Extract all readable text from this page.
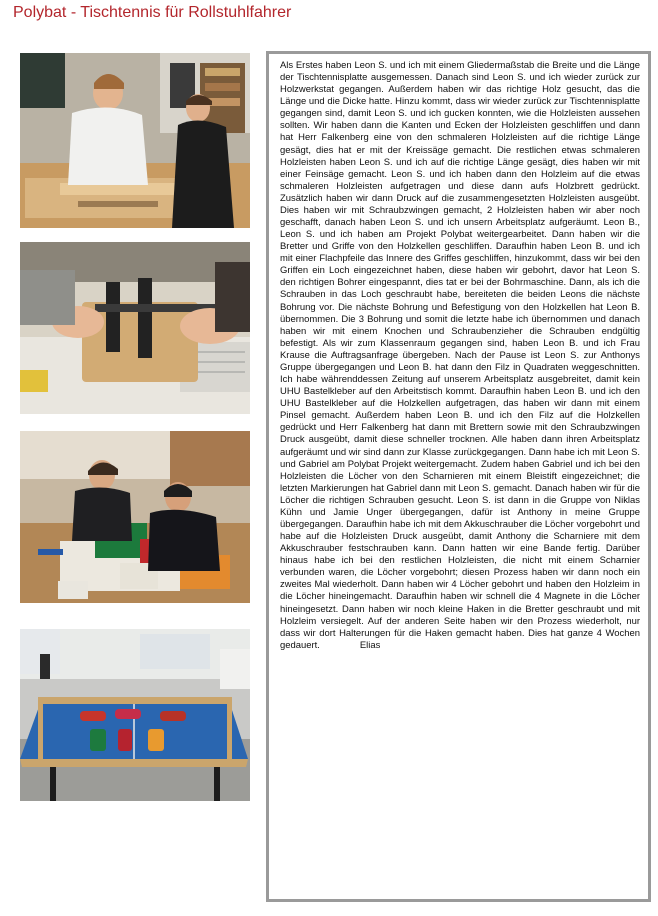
Polybat - Tischtennis für Rollstuhlfahrer
Als Erstes haben Leon S. und ich mit einem Gliedermaßstab die Breite und die Länge der Tischtennisplatte ausgemessen. Danach sind Leon S. und ich wieder zurück zur Holzwerkstat gegangen. Außerdem haben wir das richtige Holz gesucht, das die Länge und die Dicke hatte. Hinzu kommt, dass wir wieder zurück zur Tischtennisplatte gegangen sind, damit Leon S. und ich gucken konnten, wie die Holzleisten aussehen sollten. Wir haben dann die Kanten und Ecken der Holzleisten geschliffen und dann hat Herr Falkenberg eine von den schmaleren Holzleisten auf die richtige Länge gesägt, dies hat er mit der Kreissäge gemacht. Die restlichen etwas schmaleren Holzleisten haben Leon S. und ich auf die richtige Länge gesägt, dies haben wir mit einer Feinsäge gemacht. Leon S. und ich haben dann den Holzleim auf die etwas schmaleren Holzleisten aufgetragen und diese dann aufs Holzbrett gedrückt. Zusätzlich haben wir dann Druck auf die zusammengesetzten Holzleisten ausgeübt. Dies haben wir mit Schraubzwingen gemacht, 2 Holzleisten haben wir aber noch geschafft, danach haben Leon S. und ich unsern Arbeitsplatz aufgeräumt. Leon B., Leon S. und ich haben am Projekt Polybat weitergearbeitet. Dann haben wir die Bretter und Griffe von den Holzkellen geschliffen. Daraufhin haben Leon B. und ich mit einer Flachpfeile das Innere des Griffes geschliffen, hinzukommt, dass wir bei den Griffen ein Loch eingezeichnet haben, diese haben wir gebohrt, davor hat Leon S. den richtigen Bohrer eingespannt, dies tat er bei der Bohrmaschine. Dann, als ich die Schrauben in das Loch geschraubt habe, bereiteten die beiden Leons die nächste Bohrung vor. Die nächste Bohrung und Befestigung von den Holzkellen hat Leon B. übernommen. Die 3 Bohrung und somit die letzte habe ich übernommen und danach haben wir mit einem Knochen und Schraubenzieher die Schrauben endgültig befestigt. Als wir zum Klassenraum gegangen sind, haben Leon B. und ich Frau Krause die Auftragsanfrage übergeben. Nach der Pause ist Leon S. zur Anthonys Gruppe übergegangen und Leon B. hat dann den Filz in Quadraten weggeschnitten. Ich habe währenddessen Zeitung auf unserem Arbeitsplatz ausgebreitet, damit kein UHU Bastelkleber auf den Arbeitstisch kommt. Daraufhin haben Leon B. und ich den UHU Bastelkleber auf die Holzkellen aufgetragen, das haben wir dann mit einem Pinsel gemacht. Außerdem haben Leon B. und ich den Filz auf die Holzkellen gedrückt und Herr Falkenberg hat dann mit Brettern sowie mit den Schraubzwingen Druck ausgeübt, damit diese schneller trocknen. Alle haben dann ihren Arbeitsplatz aufgeräumt und wir sind dann zur Klasse zurückgegangen. Dann habe ich mit Leon S. und Gabriel am Polybat Projekt weitergemacht. Zudem haben Gabriel und ich bei den Holzleisten die Löcher von den Scharnieren mit einem Bleistift eingezeichnet; die letzten Markierungen hat Gabriel dann mit Leon S. gemacht. Danach haben wir für die Löcher die richtigen Schrauben gesucht. Leon S. ist dann in die Gruppe von Niklas Kühn und Jamie Unger übergegangen, dafür ist Anthony in meine Gruppe übergegangen. Daraufhin habe ich mit dem Akkuschrauber die Löcher vorgebohrt und habe auf die Holzleisten Druck ausgeübt, damit Anthony die Scharniere mit dem Akkuschrauber festschrauben kann. Dann hatten wir eine Bande fertig. Darüber hinaus habe ich bei den restlichen Holzleisten, die nicht mit einem Scharnier verbunden waren, die Löcher vorgebohrt; diesen Prozess haben wir dann noch ein zweites Mal wiederholt. Dann haben wir 4 Löcher gebohrt und haben den Holzleim in die Löcher hineingemacht. Daraufhin haben wir schnell die 4 Magnete in die Löcher hineingesetzt. Dann haben wir noch kleine Haken in die Bretter geschraubt und mit Holzleim versiegelt. Auf der anderen Seite haben wir den Prozess wiederholt, nur dass wir dort Halterungen für die Haken gemacht haben. Dies hat ganze 4 Wochen gedauert.	Elias
